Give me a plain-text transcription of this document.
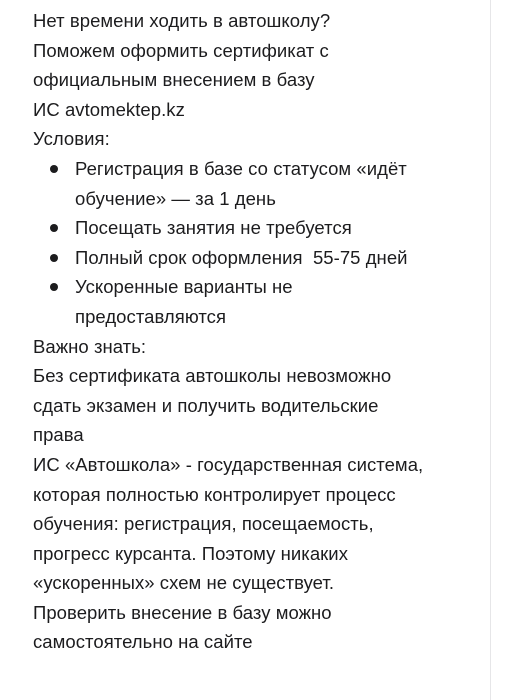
Нет времени ходить в автошколу?
Поможем оформить сертификат с
официальным внесением в базу
ИС avtomektep.kz
Условия:
Регистрация в базе со статусом «идёт
обучение» — за 1 день
Посещать занятия не требуется
Полный срок оформления  55-75 дней
Ускоренные варианты не
предоставляются
Важно знать:
Без сертификата автошколы невозможно
сдать экзамен и получить водительские
права
ИС «Автошкола» - государственная система,
которая полностью контролирует процесс
обучения: регистрация, посещаемость,
прогресс курсанта. Поэтому никаких
«ускоренных» схем не существует.
Проверить внесение в базу можно
самостоятельно на сайте
